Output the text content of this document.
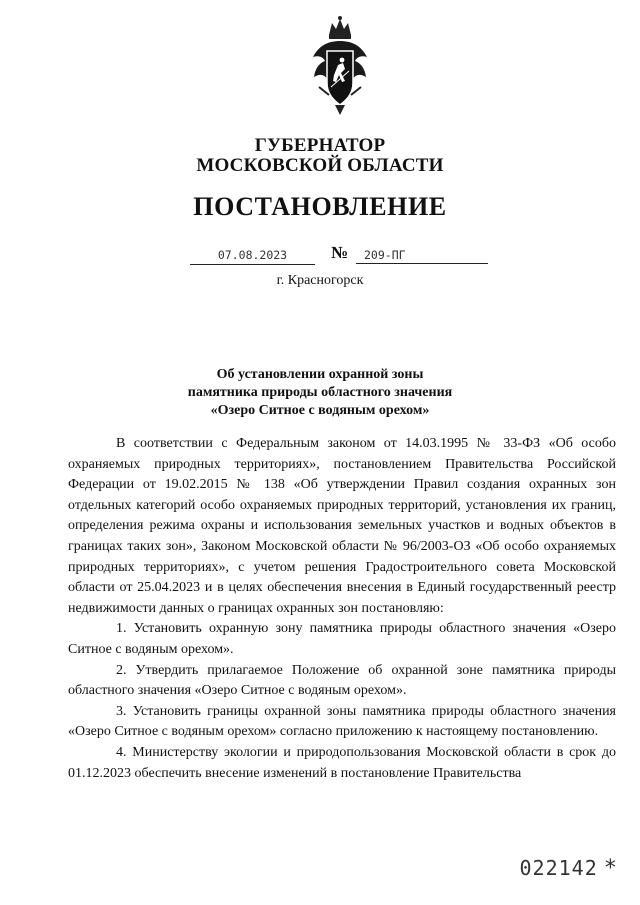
ГУБЕРНАТОР
МОСКОВСКОЙ ОБЛАСТИ
ПОСТАНОВЛЕНИЕ
07.08.2023	№	209-ПГ
г. Красногорск
Об установлении охранной зоны
памятника природы областного значения
«Озеро Ситное с водяным орехом»

В соответствии с Федеральным законом от 14.03.1995 № 33-ФЗ «Об особо охраняемых природных территориях», постановлением Правительства Российской Федерации от 19.02.2015 № 138 «Об утверждении Правил создания охранных зон отдельных категорий особо охраняемых природных территорий, установления их границ, определения режима охраны и использования земельных участков и водных объектов в границах таких зон», Законом Московской области № 96/2003-ОЗ «Об особо охраняемых природных территориях», с учетом решения Градостроительного совета Московской области от 25.04.2023 и в целях обеспечения внесения в Единый государственный реестр недвижимости данных о границах охранных зон постановляю:

1. Установить охранную зону памятника природы областного значения «Озеро Ситное с водяным орехом».

2. Утвердить прилагаемое Положение об охранной зоне памятника природы областного значения «Озеро Ситное с водяным орехом».

3. Установить границы охранной зоны памятника природы областного значения «Озеро Ситное с водяным орехом» согласно приложению к настоящему постановлению.

4. Министерству экологии и природопользования Московской области в срок до 01.12.2023 обеспечить внесение изменений в постановление Правительства

022142 *
